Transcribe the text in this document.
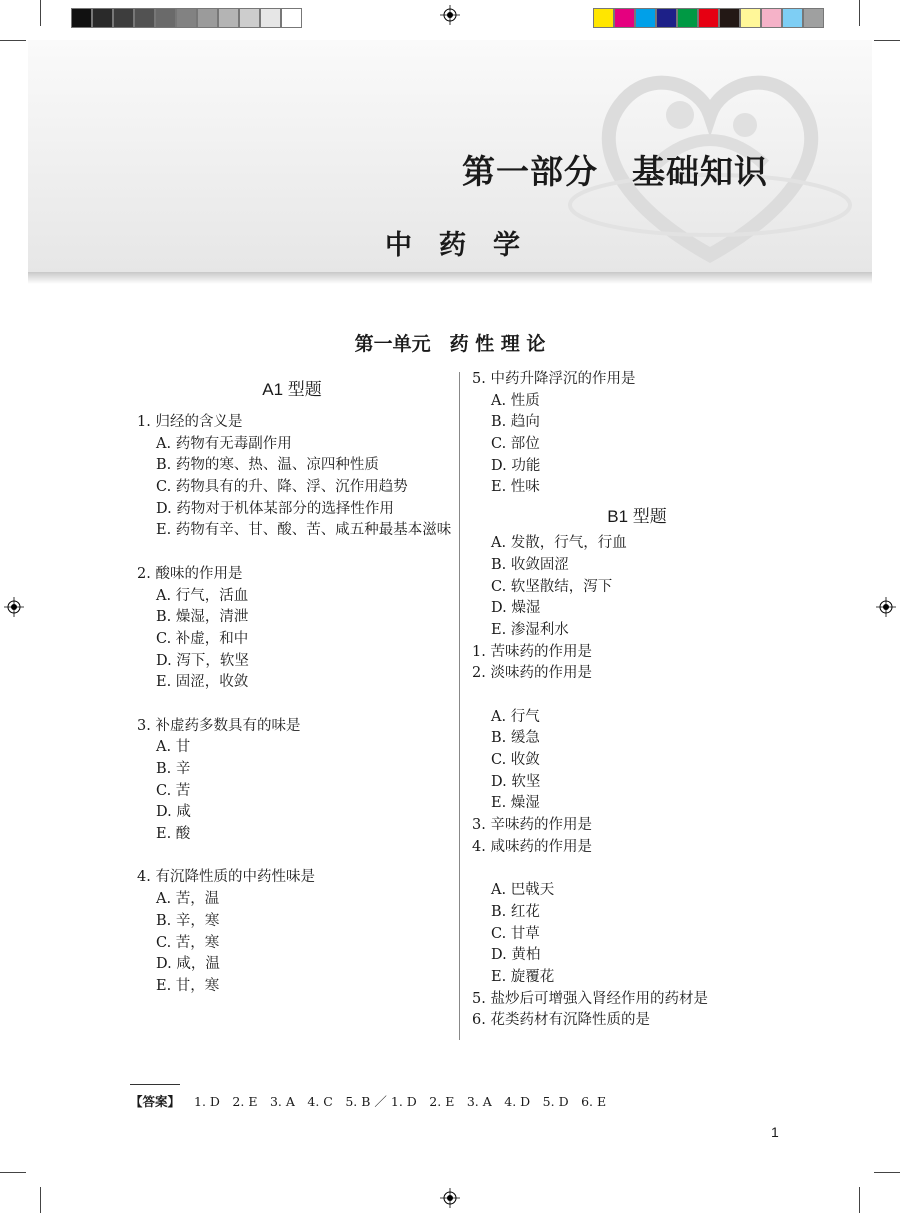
第一部分　基础知识
中药学
第一单元　药 性 理 论
A1 型题
1. 归经的含义是
A. 药物有无毒副作用
B. 药物的寒、热、温、凉四种性质
C. 药物具有的升、降、浮、沉作用趋势
D. 药物对于机体某部分的选择性作用
E. 药物有辛、甘、酸、苦、咸五种最基本滋味
2. 酸味的作用是
A. 行气，活血
B. 燥湿，清泄
C. 补虚，和中
D. 泻下，软坚
E. 固涩，收敛
3. 补虚药多数具有的味是
A. 甘
B. 辛
C. 苦
D. 咸
E. 酸
4. 有沉降性质的中药性味是
A. 苦，温
B. 辛，寒
C. 苦，寒
D. 咸，温
E. 甘，寒
5. 中药升降浮沉的作用是
A. 性质
B. 趋向
C. 部位
D. 功能
E. 性味
B1 型题
A. 发散，行气，行血
B. 收敛固涩
C. 软坚散结，泻下
D. 燥湿
E. 渗湿利水
1. 苦味药的作用是
2. 淡味药的作用是
A. 行气
B. 缓急
C. 收敛
D. 软坚
E. 燥湿
3. 辛味药的作用是
4. 咸味药的作用是
A. 巴戟天
B. 红花
C. 甘草
D. 黄柏
E. 旋覆花
5. 盐炒后可增强入肾经作用的药材是
6. 花类药材有沉降性质的是
【答案】 1. D　2. E　3. A　4. C　5. B ／ 1. D　2. E　3. A　4. D　5. D　6. E
1
